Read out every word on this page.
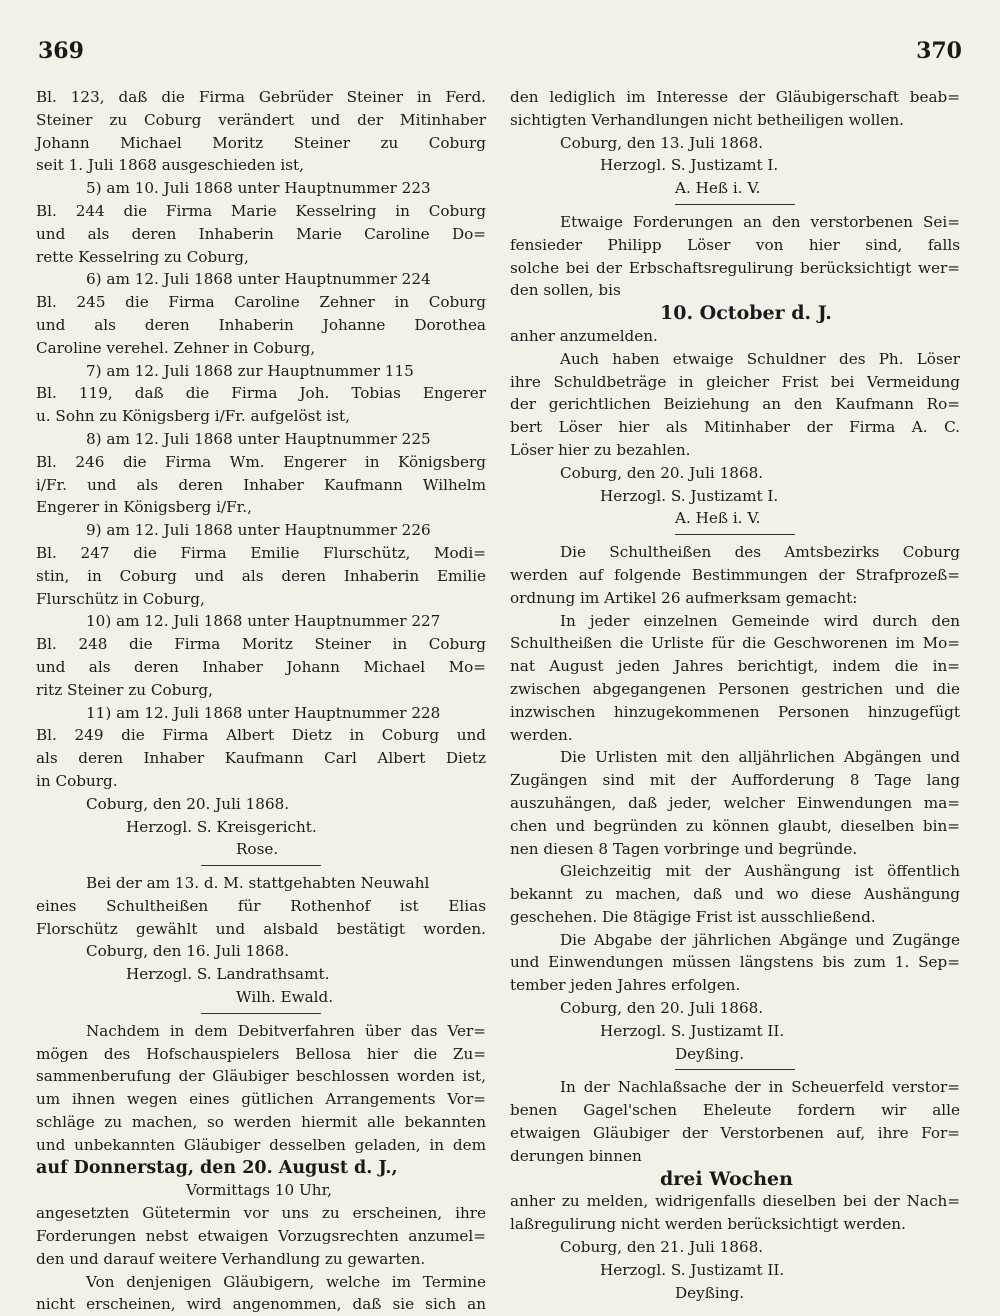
369	370

Bl. 123, daß die Firma Gebrüder Steiner in Ferd.

Steiner zu Coburg verändert und der Mitinhaber

Johann Michael Moritz Steiner zu Coburg

seit 1. Juli 1868 ausgeschieden ist,

5) am 10. Juli 1868 unter Hauptnummer 223

Bl. 244 die Firma Marie Kesselring in Coburg

und als deren Inhaberin Marie Caroline Do=

rette Kesselring zu Coburg,

6) am 12. Juli 1868 unter Hauptnummer 224

Bl. 245 die Firma Caroline Zehner in Coburg

und als deren Inhaberin Johanne Dorothea

Caroline verehel. Zehner in Coburg,

7) am 12. Juli 1868 zur Hauptnummer 115

Bl. 119, daß die Firma Joh. Tobias Engerer

u. Sohn zu Königsberg i/Fr. aufgelöst ist,

8) am 12. Juli 1868 unter Hauptnummer 225

Bl. 246 die Firma Wm. Engerer in Königsberg

i/Fr. und als deren Inhaber Kaufmann Wilhelm

Engerer in Königsberg i/Fr.,

9) am 12. Juli 1868 unter Hauptnummer 226

Bl. 247 die Firma Emilie Flurschütz, Modi=

stin, in Coburg und als deren Inhaberin Emilie

Flurschütz in Coburg,

10) am 12. Juli 1868 unter Hauptnummer 227

Bl. 248 die Firma Moritz Steiner in Coburg

und als deren Inhaber Johann Michael Mo=

ritz Steiner zu Coburg,

11) am 12. Juli 1868 unter Hauptnummer 228

Bl. 249 die Firma Albert Dietz in Coburg und

als deren Inhaber Kaufmann Carl Albert Dietz

in Coburg.

Coburg, den 20. Juli 1868.

Herzogl. S. Kreisgericht.

Rose.

Bei der am 13. d. M. stattgehabten Neuwahl

eines Schultheißen für Rothenhof ist Elias

Florschütz gewählt und alsbald bestätigt worden.

Coburg, den 16. Juli 1868.

Herzogl. S. Landrathsamt.

Wilh. Ewald.

Nachdem in dem Debitverfahren über das Ver=

mögen des Hofschauspielers Bellosa hier die Zu=

sammenberufung der Gläubiger beschlossen worden ist,

um ihnen wegen eines gütlichen Arrangements Vor=

schläge zu machen, so werden hiermit alle bekannten

und unbekannten Gläubiger desselben geladen, in dem

auf Donnerstag, den 20. August d. J.,

Vormittags 10 Uhr,

angesetzten Gütetermin vor uns zu erscheinen, ihre

Forderungen nebst etwaigen Vorzugsrechten anzumel=

den und darauf weitere Verhandlung zu gewarten.

Von denjenigen Gläubigern, welche im Termine

nicht erscheinen, wird angenommen, daß sie sich an

den lediglich im Interesse der Gläubigerschaft beab=

sichtigten Verhandlungen nicht betheiligen wollen.

Coburg, den 13. Juli 1868.

Herzogl. S. Justizamt I.

A. Heß i. V.

Etwaige Forderungen an den verstorbenen Sei=

fensieder Philipp Löser von hier sind, falls

solche bei der Erbschaftsregulirung berücksichtigt wer=

den sollen, bis

10. October d. J.

anher anzumelden.

Auch haben etwaige Schuldner des Ph. Löser

ihre Schuldbeträge in gleicher Frist bei Vermeidung

der gerichtlichen Beiziehung an den Kaufmann Ro=

bert Löser hier als Mitinhaber der Firma A. C.

Löser hier zu bezahlen.

Coburg, den 20. Juli 1868.

Herzogl. S. Justizamt I.

A. Heß i. V.

Die Schultheißen des Amtsbezirks Coburg

werden auf folgende Bestimmungen der Strafprozeß=

ordnung im Artikel 26 aufmerksam gemacht:

In jeder einzelnen Gemeinde wird durch den

Schultheißen die Urliste für die Geschworenen im Mo=

nat August jeden Jahres berichtigt, indem die in=

zwischen abgegangenen Personen gestrichen und die

inzwischen hinzugekommenen Personen hinzugefügt

werden.

Die Urlisten mit den alljährlichen Abgängen und

Zugängen sind mit der Aufforderung 8 Tage lang

auszuhängen, daß jeder, welcher Einwendungen ma=

chen und begründen zu können glaubt, dieselben bin=

nen diesen 8 Tagen vorbringe und begründe.

Gleichzeitig mit der Aushängung ist öffentlich

bekannt zu machen, daß und wo diese Aushängung

geschehen. Die 8tägige Frist ist ausschließend.

Die Abgabe der jährlichen Abgänge und Zugänge

und Einwendungen müssen längstens bis zum 1. Sep=

tember jeden Jahres erfolgen.

Coburg, den 20. Juli 1868.

Herzogl. S. Justizamt II.

Deyßing.

In der Nachlaßsache der in Scheuerfeld verstor=

benen Gagel'schen Eheleute fordern wir alle

etwaigen Gläubiger der Verstorbenen auf, ihre For=

derungen binnen

drei Wochen

anher zu melden, widrigenfalls dieselben bei der Nach=

laßregulirung nicht werden berücksichtigt werden.

Coburg, den 21. Juli 1868.

Herzogl. S. Justizamt II.

Deyßing.
